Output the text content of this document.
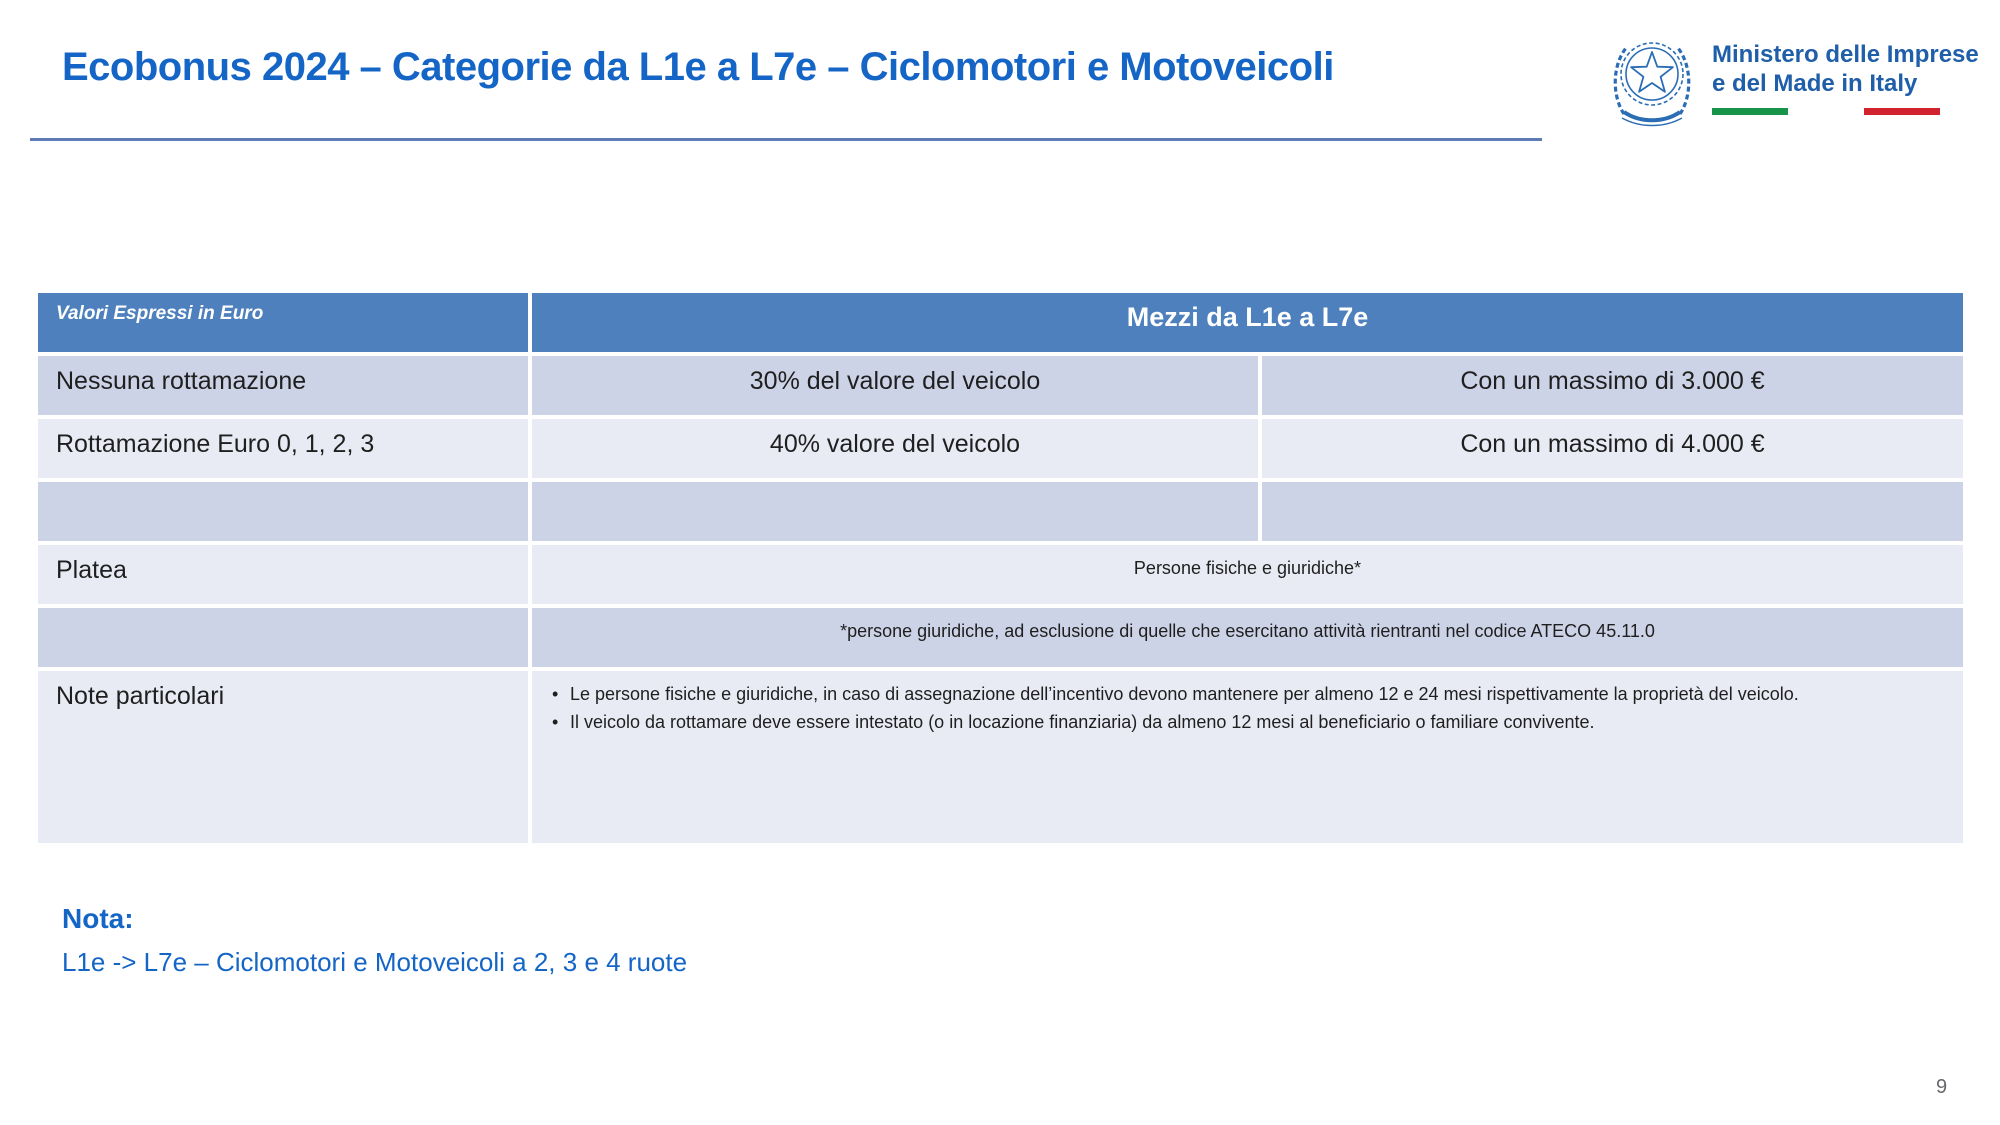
Ecobonus 2024 – Categorie da L1e a L7e – Ciclomotori e Motoveicoli	Ministero delle Imprese
e del Made in Italy
Valori Espressi in Euro	Mezzi da L1e a L7e
Nessuna rottamazione	30% del valore del veicolo	Con un massimo di 3.000 €
Rottamazione Euro 0, 1, 2, 3	40% valore del veicolo	Con un massimo di 4.000 €
Platea	Persone fisiche e giuridiche*
*persone giuridiche, ad esclusione di quelle che esercitano attività rientranti nel codice ATECO 45.11.0
Note particolari	• Le persone fisiche e giuridiche, in caso di assegnazione dell’incentivo devono mantenere per almeno 12 e 24 mesi rispettivamente la proprietà del veicolo.
• Il veicolo da rottamare deve essere intestato (o in locazione finanziaria) da almeno 12 mesi al beneficiario o familiare convivente.
Nota:
L1e -> L7e – Ciclomotori e Motoveicoli a 2, 3 e 4 ruote
9
